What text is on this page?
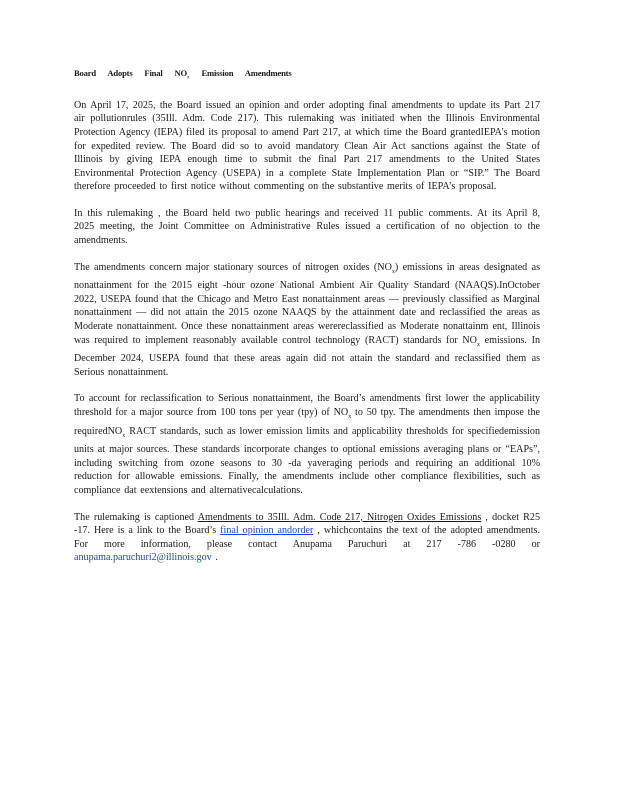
Board Adopts Final $NO_x$ Emission Amendments

On April 17, 2025, the Board issued an opinion and order adopting final amendments to update its Part 217 air pollutionrules (35Ill. Adm. Code 217). This rulemaking was initiated when the Illinois Environmental Protection Agency (IEPA) filed its proposal to amend Part 217, at which time the Board grantedIEPA’s motion for expedited review. The Board did so to avoid mandatory Clean Air Act sanctions against the State of Illinois by giving IEPA enough time to submit the final Part 217 amendments to the United States Environmental Protection Agency (USEPA) in a complete State Implementation Plan or “SIP.” The Board therefore proceeded to first notice without commenting on the substantive merits of IEPA’s proposal.

In this rulemaking , the Board held two public hearings and received 11 public comments. At its April 8, 2025 meeting, the Joint Committee on Administrative Rules issued a certification of no objection to the amendments.

The amendments concern major stationary sources of nitrogen oxides $(NO_x)$ emissions in areas designated as nonattainment for the 2015 eight -hour ozone National Ambient Air Quality Standard (NAAQS).InOctober 2022, USEPA found that the Chicago and Metro East nonattainment areas — previously classified as Marginal nonattainment — did not attain the 2015 ozone NAAQS by the attainment date and reclassified the areas as Moderate nonattainment. Once these nonattainment areas werereclassified as Moderate nonattainm ent, Illinois was required to implement reasonably available control technology (RACT) standards for $NO_x$ emissions. In December 2024, USEPA found that these areas again did not attain the standard and reclassified them as Serious nonattainment.

To account for reclassification to Serious nonattainment, the Board’s amendments first lower the applicability threshold for a major source from 100 tons per year (tpy) of $NO_x$ to 50 tpy. The amendments then impose the requiredNO$_x$ RACT standards, such as lower emission limits and applicability thresholds for specifiedemission units at major sources. These standards incorporate changes to optional emissions averaging plans or “EAPs”, including switching from ozone seasons to 30 -da yaveraging periods and requiring an additional 10% reduction for allowable emissions. Finally, the amendments include other compliance flexibilities, such as compliance dat eextensions and alternativecalculations.

The rulemaking is captioned Amendments to 35Ill. Adm. Code 217, Nitrogen Oxides Emissions , docket R25 -17. Here is a link to the Board’s final opinion andorder , whichcontains the text of the adopted amendments. For more information, please contact Anupama Paruchuri at 217 -786 -0280 or anupama.paruchuri2@illinois.gov .
